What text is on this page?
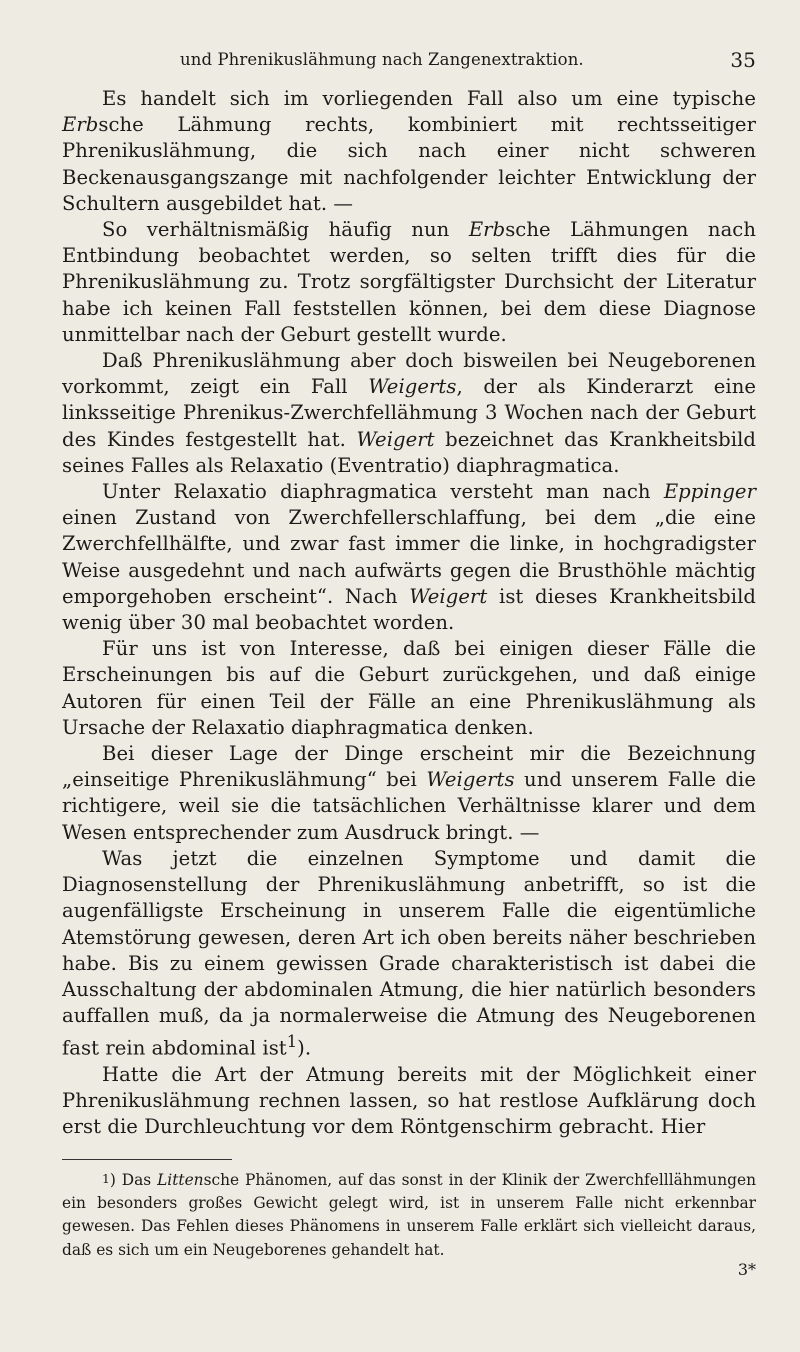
und Phrenikuslähmung nach Zangenextraktion.	35

Es handelt sich im vorliegenden Fall also um eine typische Erbsche Lähmung rechts, kombiniert mit rechtsseitiger Phrenikuslähmung, die sich nach einer nicht schweren Beckenausgangszange mit nachfolgender leichter Entwicklung der Schultern ausgebildet hat. —

So verhältnismäßig häufig nun Erbsche Lähmungen nach Entbindung beobachtet werden, so selten trifft dies für die Phrenikuslähmung zu. Trotz sorgfältigster Durchsicht der Literatur habe ich keinen Fall feststellen können, bei dem diese Diagnose unmittelbar nach der Geburt gestellt wurde.

Daß Phrenikuslähmung aber doch bisweilen bei Neugeborenen vorkommt, zeigt ein Fall Weigerts, der als Kinderarzt eine linksseitige Phrenikus-Zwerchfellähmung 3 Wochen nach der Geburt des Kindes festgestellt hat. Weigert bezeichnet das Krankheitsbild seines Falles als Relaxatio (Eventratio) diaphragmatica.

Unter Relaxatio diaphragmatica versteht man nach Eppinger einen Zustand von Zwerchfellerschlaffung, bei dem „die eine Zwerchfellhälfte, und zwar fast immer die linke, in hochgradigster Weise ausgedehnt und nach aufwärts gegen die Brusthöhle mächtig emporgehoben erscheint“. Nach Weigert ist dieses Krankheitsbild wenig über 30 mal beobachtet worden.

Für uns ist von Interesse, daß bei einigen dieser Fälle die Erscheinungen bis auf die Geburt zurückgehen, und daß einige Autoren für einen Teil der Fälle an eine Phrenikuslähmung als Ursache der Relaxatio diaphragmatica denken.

Bei dieser Lage der Dinge erscheint mir die Bezeichnung „einseitige Phrenikuslähmung“ bei Weigerts und unserem Falle die richtigere, weil sie die tatsächlichen Verhältnisse klarer und dem Wesen entsprechender zum Ausdruck bringt. —

Was jetzt die einzelnen Symptome und damit die Diagnosenstellung der Phrenikuslähmung anbetrifft, so ist die augenfälligste Erscheinung in unserem Falle die eigentümliche Atemstörung gewesen, deren Art ich oben bereits näher beschrieben habe. Bis zu einem gewissen Grade charakteristisch ist dabei die Ausschaltung der abdominalen Atmung, die hier natürlich besonders auffallen muß, da ja normalerweise die Atmung des Neugeborenen fast rein abdominal ist$^1$).

Hatte die Art der Atmung bereits mit der Möglichkeit einer Phrenikuslähmung rechnen lassen, so hat restlose Aufklärung doch erst die Durchleuchtung vor dem Röntgenschirm gebracht. Hier

1) Das Littensche Phänomen, auf das sonst in der Klinik der Zwerchfelllähmungen ein besonders großes Gewicht gelegt wird, ist in unserem Falle nicht erkennbar gewesen. Das Fehlen dieses Phänomens in unserem Falle erklärt sich vielleicht daraus, daß es sich um ein Neugeborenes gehandelt hat.

3*
